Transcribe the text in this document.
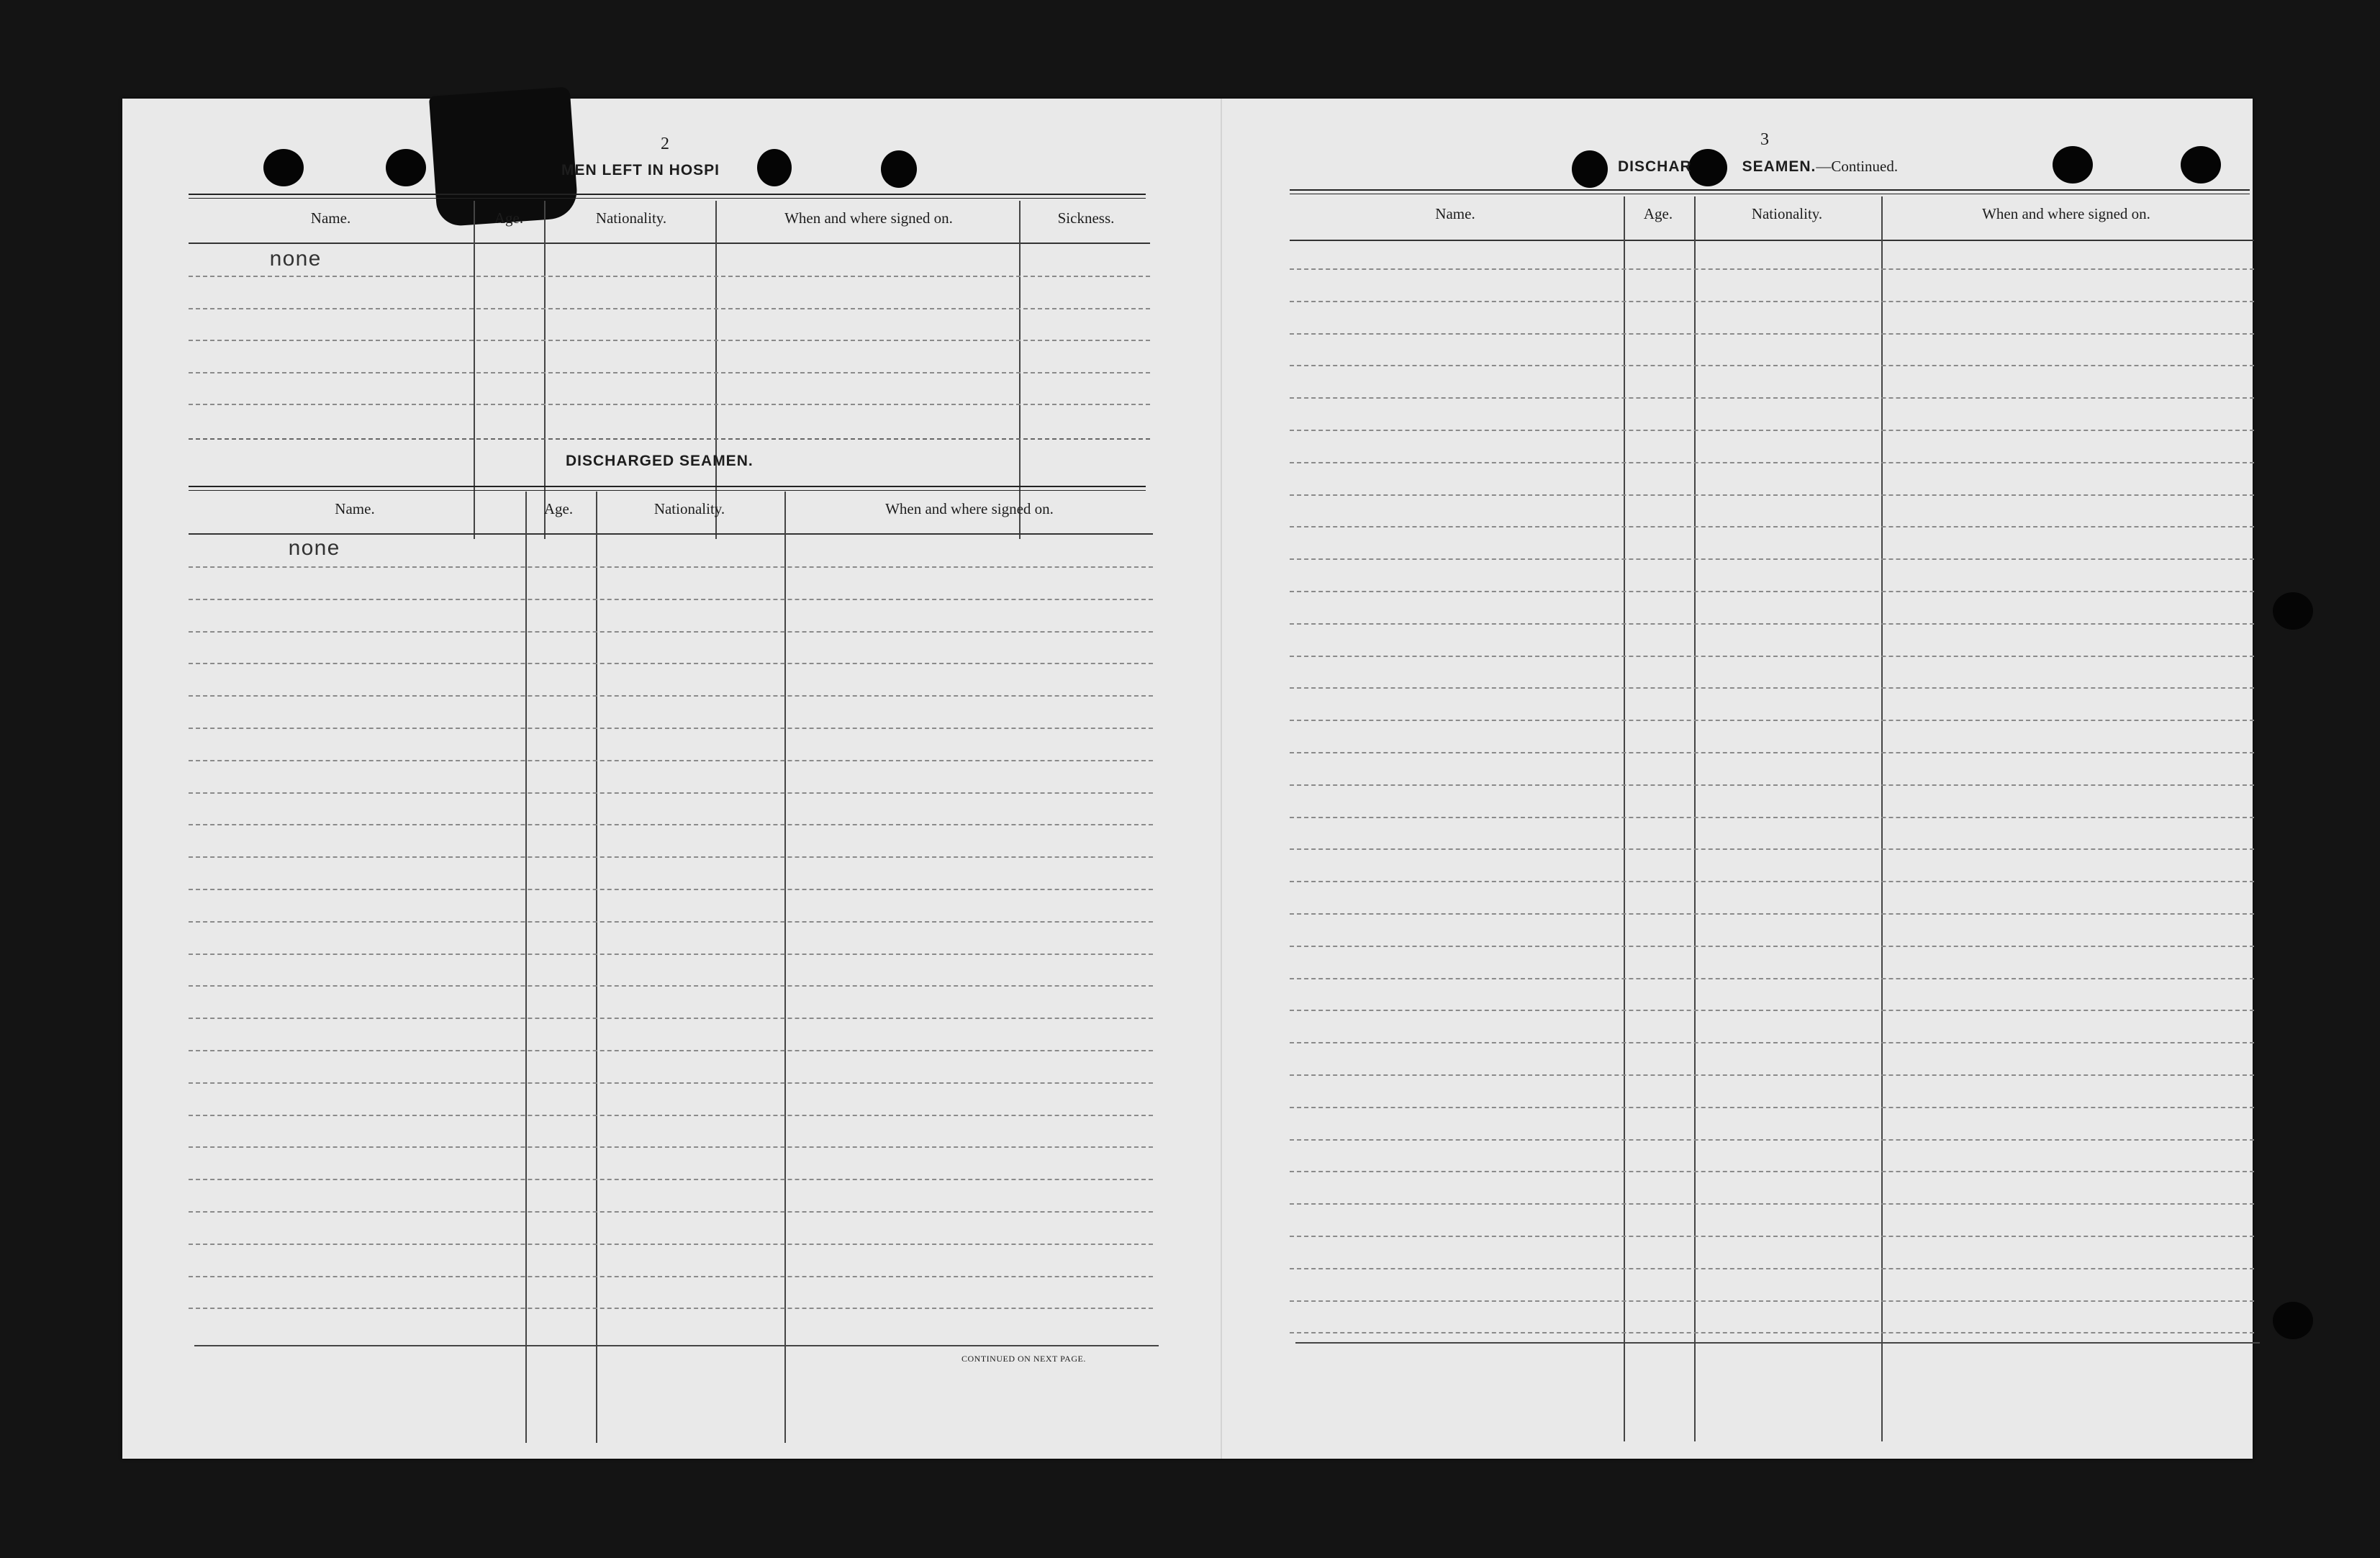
2
MEN LEFT IN HOSPI
Name.	Age.	Nationality.	When and where signed on.	Sickness.
none
DISCHARGED SEAMEN.
Name.	Age.	Nationality.	When and where signed on.
none
CONTINUED ON NEXT PAGE.
3
DISCHAR	SEAMEN.—Continued.
Name.	Age.	Nationality.	When and where signed on.
